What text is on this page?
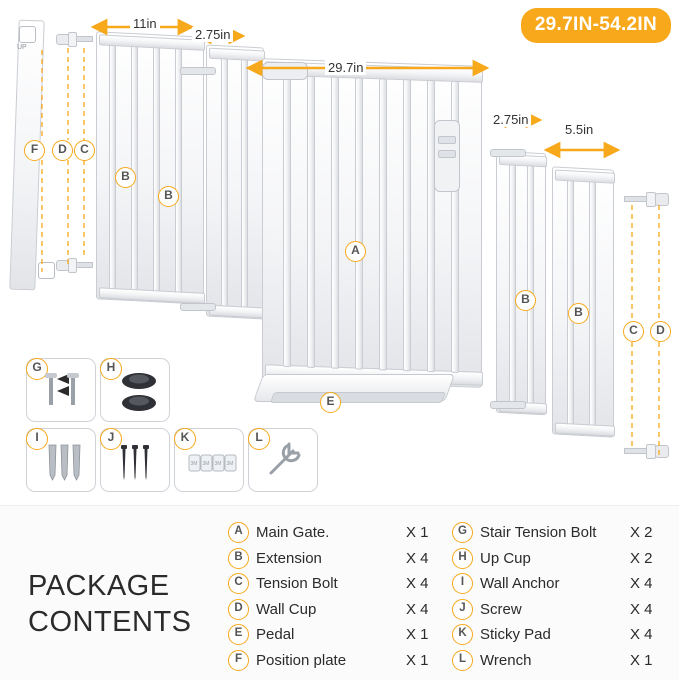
29.7IN-54.2IN
11in
2.75in
29.7in
2.75in
5.5in
UP
F	D	C
B
B
A
B
B
C	D
E
G	H
I	J	K
3M 3M 3M 3M
L
PACKAGE
CONTENTS
A Main Gate.	X 1
B Extension	X 4
C Tension Bolt	X 4
D Wall Cup	X 4
E Pedal	X 1
F Position plate	X 1
G Stair Tension Bolt	X 2
H Up Cup	X 2
I	Wall Anchor	X 4
J Screw	X 4
K Sticky Pad	X 4
L Wrench	X 1
